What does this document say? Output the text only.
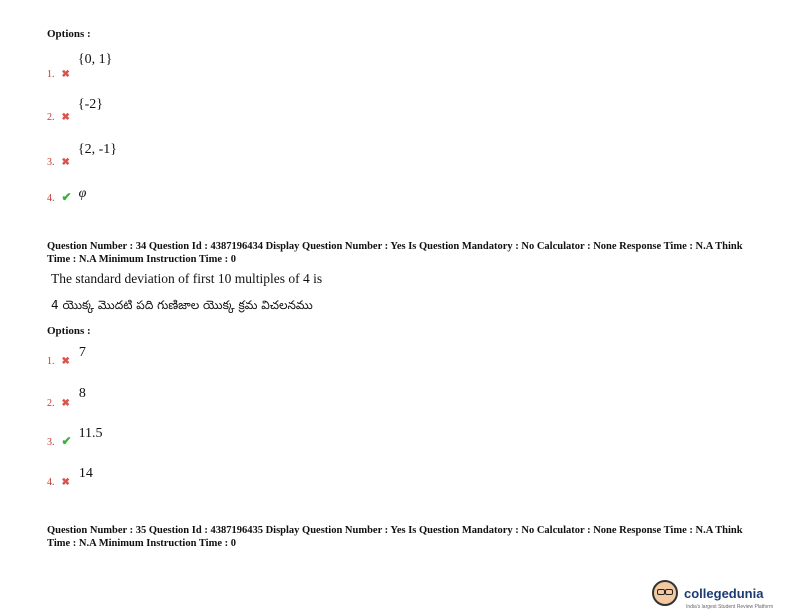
Options :
$_{1.}$ ✖ {0, 1}
$_{2.}$ ✖ {-2}
$_{3.}$ ✖ {2, -1}
$_{4.}$ ✔ φ
Question Number : 34 Question Id : 4387196434 Display Question Number : Yes Is Question Mandatory : No Calculator : None Response Time : N.A Think Time : N.A Minimum Instruction Time : 0
The standard deviation of first 10 multiples of 4 is
4 యొక్క మొదటి పది గుణిజాల యొక్క క్రమ విచలనము
Options :
$_{1.}$ ✖ 7
$_{2.}$ ✖ 8
$_{3.}$ ✔ 11.5
$_{4.}$ ✖ 14
Question Number : 35 Question Id : 4387196435 Display Question Number : Yes Is Question Mandatory : No Calculator : None Response Time : N.A Think Time : N.A Minimum Instruction Time : 0
collegedunia
India's largest Student Review Platform
